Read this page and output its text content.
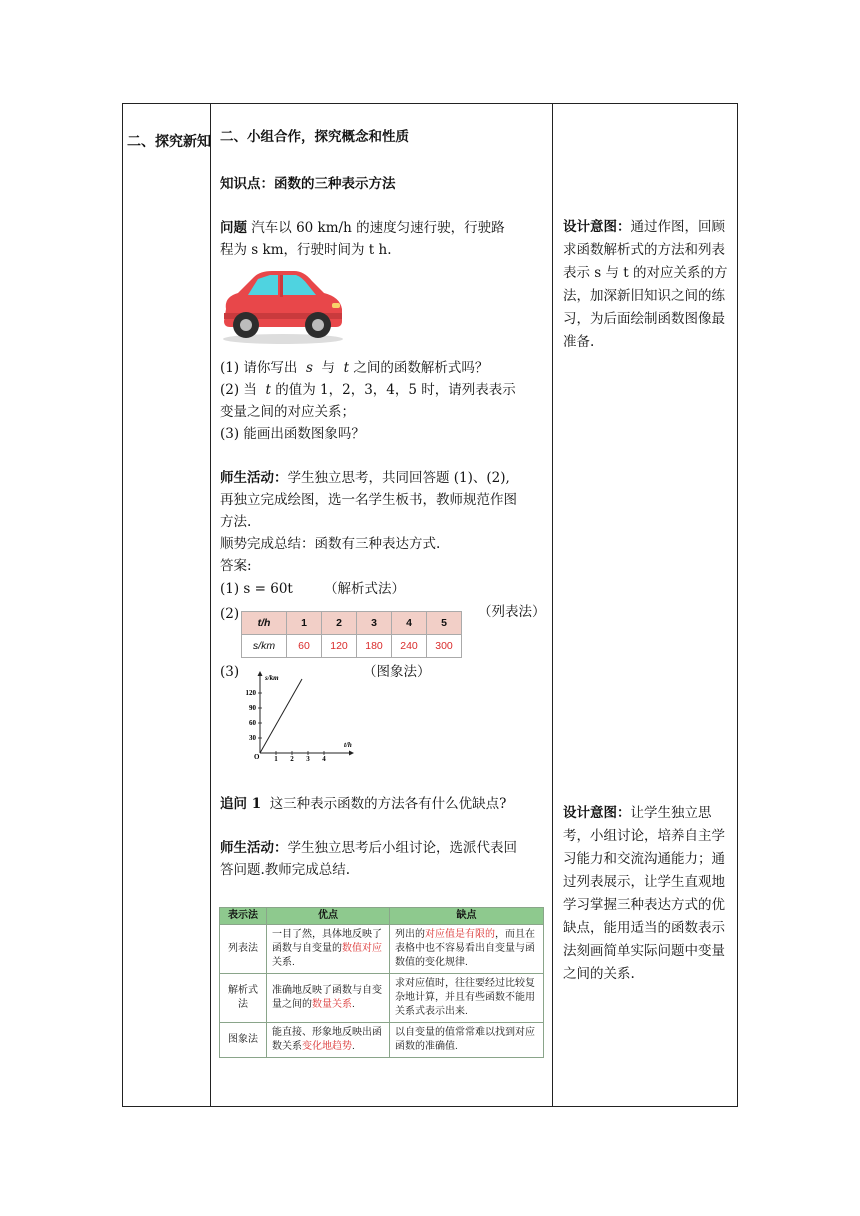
二、探究新知 二、小组合作，探究概念和性质
知识点：函数的三种表示方法
问题 汽车以 60 km/h 的速度匀速行驶，行驶路
程为 s km，行驶时间为 t h.
(1) 请你写出 s 与 t 之间的函数解析式吗？
(2) 当 t 的值为 1，2，3，4，5 时，请列表表示
变量之间的对应关系；
(3) 能画出函数图象吗？
师生活动：学生独立思考，共同回答题 (1)、(2),
再独立完成绘图，选一名学生板书，教师规范作图
方法.
顺势完成总结：函数有三种表达方式.
答案:
(1) s = 60t （解析式法）
(2)
t/h	1	2	3	4	5
s/km	60	120	180	240	300
（列表法）
(3)	（图象法）
s/km
t/h
120
90
60
30
1 2 3 4
O
追问 1 这三种表示函数的方法各有什么优缺点?
师生活动：学生独立思考后小组讨论，选派代表回
答问题.教师完成总结.
表示法	优点	缺点
列表法	一目了然，具体地反映了函数与自变量的数值对应关系.	列出的对应值是有限的，而且在表格中也不容易看出自变量与函数值的变化规律.
解析式法	准确地反映了函数与自变量之间的数量关系.	求对应值时，往往要经过比较复杂地计算，并且有些函数不能用关系式表示出来.
图象法	能直接、形象地反映出函数关系变化地趋势.	以自变量的值常常难以找到对应函数的准确值.
设计意图：通过作图，回顾求函数解析式的方法和列表表示 s 与 t 的对应关系的方法，加深新旧知识之间的练习，为后面绘制函数图像最准备.
设计意图：让学生独立思考，小组讨论，培养自主学习能力和交流沟通能力；通过列表展示，让学生直观地学习掌握三种表达方式的优缺点，能用适当的函数表示法刻画简单实际问题中变量之间的关系.
